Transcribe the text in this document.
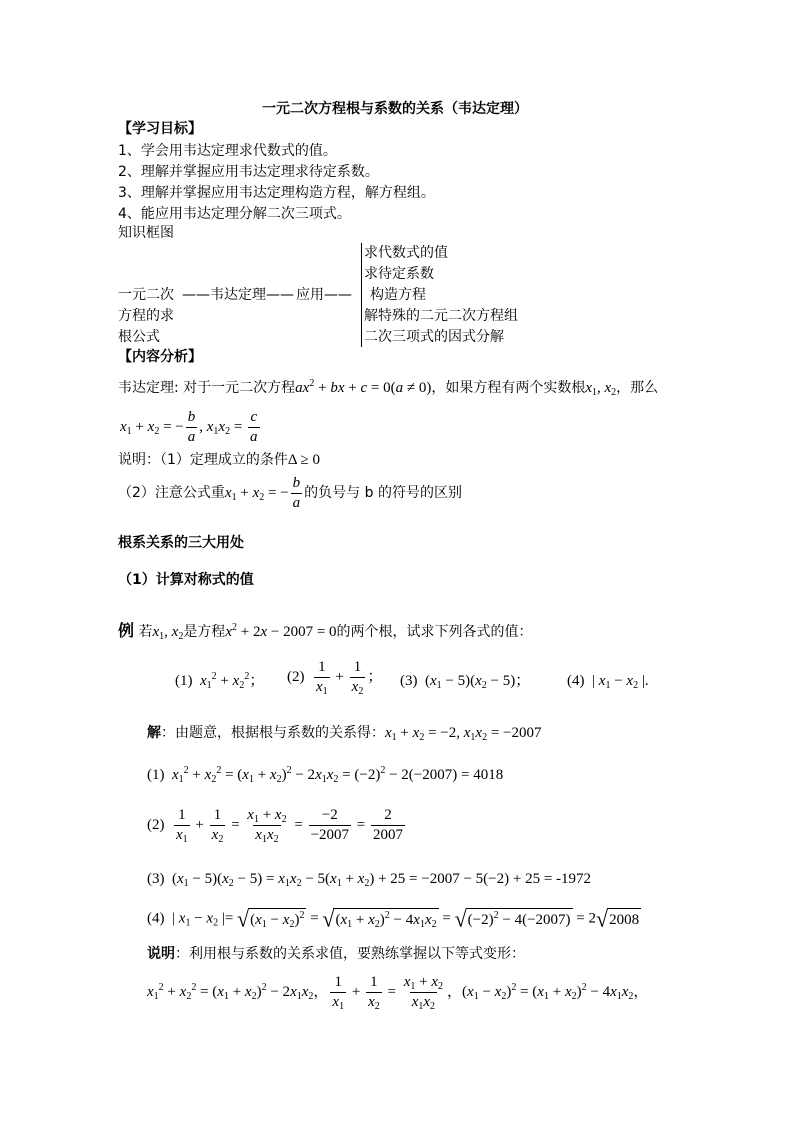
一元二次方程根与系数的关系（韦达定理）
【学习目标】
1、学会用韦达定理求代数式的值。
2、理解并掌握应用韦达定理求待定系数。
3、理解并掌握应用韦达定理构造方程，解方程组。
4、能应用韦达定理分解二次三项式。
知识框图
求代数式的值
求待定系数
一元二次 ——韦达定理—— 应用—— 构造方程
方程的求	解特殊的二元二次方程组
根公式	二次三项式的因式分解
【内容分析】
韦达定理: 对于一元二次方程$ax^2$ + bx + c = 0(a ≠ 0)，如果方程有两个实数根$x_1$, $x_2$，那么
$x_1 + x_2$ = − $\frac{b}{a}$ , $x_1x_2 = \frac{c}{a}$
说明：（1）定理成立的条件Δ ≥ 0
（2）注意公式重$x_1 + x_2$ = − $\frac{b}{a}$ 的负号与 b 的符号的区别
根系关系的三大用处
（1）计算对称式的值
例 若$x_1$, $x_2$是方程$x^2 + 2x - 2007 = 0$的两个根，试求下列各式的值：
(1) $x_1^2 + x_2^2$； $(2) \frac{1}{x_1} + \frac{1}{x_2}$ ； (3)  $(x_1 - 5)(x_2 - 5)$； (4)  | $x_1 - x_2$ |.
解：由题意，根据根与系数的关系得：$x_1 + x_2 = -2$, $x_1x_2 = -2007$
(1) $x_1^2 + x_2^2 = (x_1 + x_2)^2 - 2x_1x_2 = (-2)^2 - 2(-2007) = 4018$
$(2) \frac{1}{x_1} + \frac{1}{x_2} = \frac{x_1 + x_2}{x_1x_2} = \frac{-2}{-2007} = \frac{2}{2007}$
(3)  $(x_1 - 5)(x_2 - 5) = x_1x_2 - 5(x_1 + x_2) + 25 = -2007 - 5(-2) + 25 = -1972$
(4)  | $x_1 - x_2$ |= √ $(x_1 - x_2)^2$ = √ $(x_1 + x_2)^2 - 4x_1x_2$ = √ $(-2)^2 - 4(-2007) = 2$ √ 2008
说明：利用根与系数的关系求值，要熟练掌握以下等式变形：
$x_1^2 + x_2^2 = (x_1 + x_2)^2 - 2x_1x_2$， $\frac{1}{x_1} + \frac{1}{x_2} = \frac{x_1 + x_2}{x_1x_2}$ ，$(x_1 - x_2)^2 = (x_1 + x_2)^2 - 4x_1x_2$，
